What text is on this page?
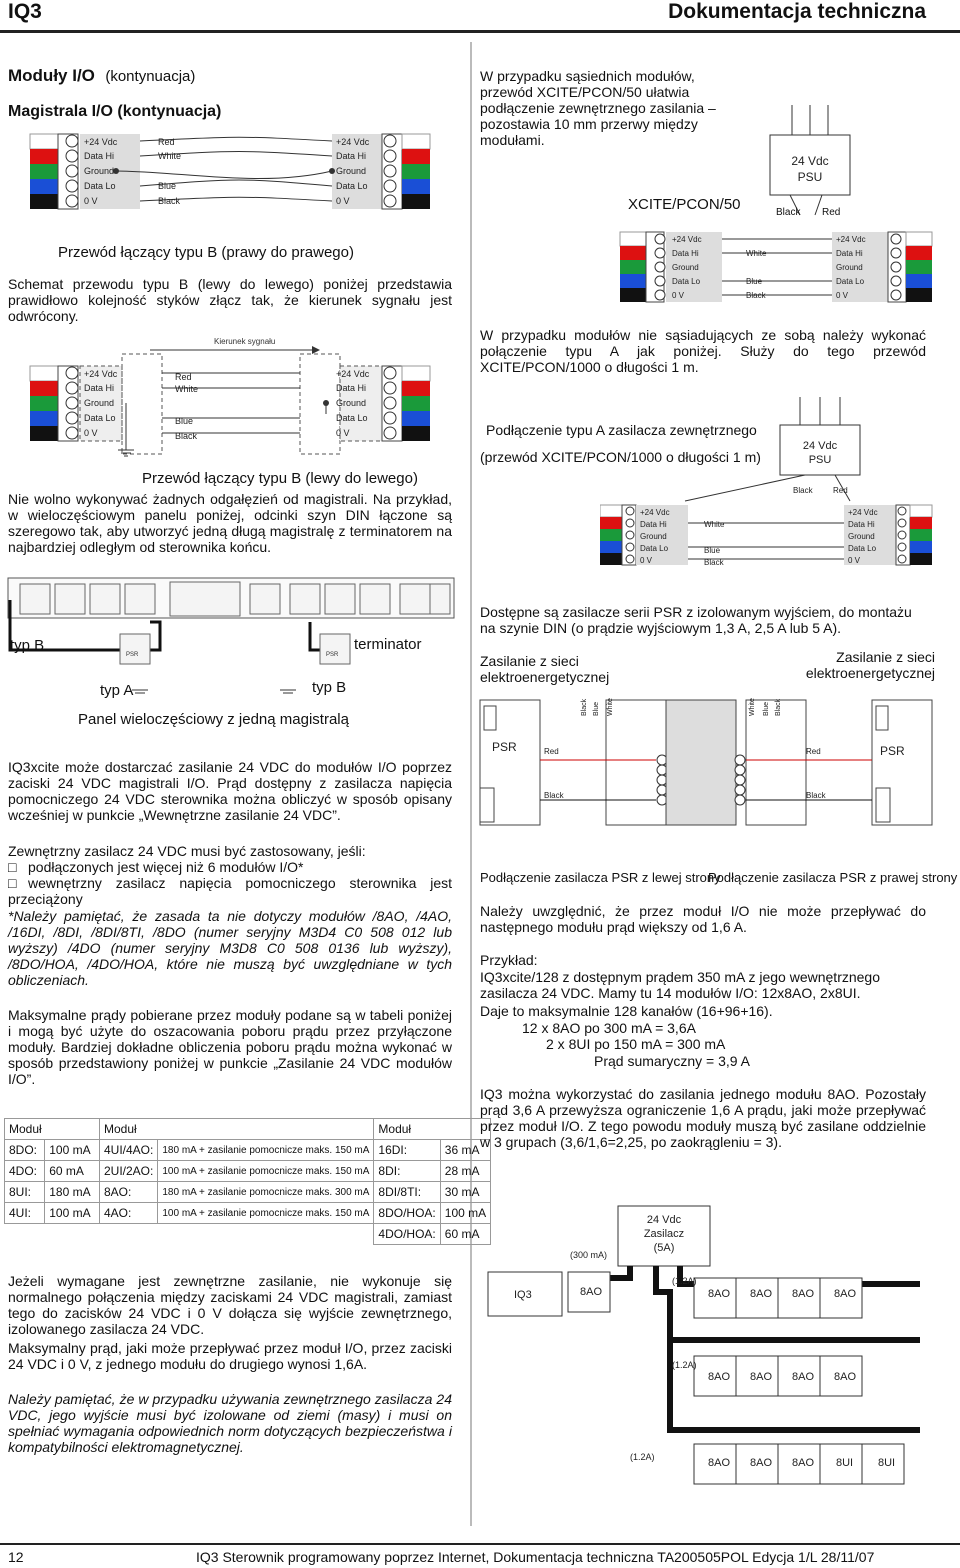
IQ3	Dokumentacja techniczna
Moduły I/O (kontynuacja)
Magistrala I/O (kontynuacja)
+24 Vdc
Data Hi
Ground
Data Lo
0 V
+24 Vdc
Data Hi
Ground
Data Lo
0 V
Red
White
Blue
Black
Przewód łączący typu B (prawy do prawego)

Schemat przewodu typu B (lewy do lewego) poniżej przedstawia prawidłowo kolejność styków złącz tak, że kierunek sygnału jest odwrócony.

Kierunek sygnału
+24 Vdc
Data Hi
Ground
Data Lo
0 V
+24 Vdc
Data Hi
Ground
Data Lo
0 V
Red
White
Blue
Black
Przewód łączący typu B (lewy do lewego)

Nie wolno wykonywać żadnych odgałęzień od magistrali. Na przykład, w wieloczęściowym panelu poniżej, odcinki szyn DIN łączone są szeregowo tak, aby utworzyć jedną długą magistralę z terminatorem na najbardziej odległym od sterownika końcu.

PSR	PSR
typ B
typ A	typ B
terminator
Panel wieloczęściowy z jedną magistralą

IQ3xcite może dostarczać zasilanie 24 VDC do modułów I/O poprzez zaciski 24 VDC magistrali I/O. Prąd dostępny z zasilacza napięcia pomocniczego 24 VDC sterownika można obliczyć w sposób opisany wcześniej w punkcie „Wewnętrzne zasilanie 24 VDC”.

Zewnętrzny zasilacz 24 VDC musi być zastosowany, jeśli:

□ podłączonych jest więcej niż 6 modułów I/O*
□ wewnętrzny zasilacz napięcia pomocniczego sterownika jest przeciążony

*Należy pamiętać, że zasada ta nie dotyczy modułów /8AO, /4AO, /16DI, /8DI, /8DI/8TI, /8DO (numer seryjny M3D4 C0 508 012 lub wyższy) /4DO (numer seryjny M3D8 C0 508 0136 lub wyższy), /8DO/HOA, /4DO/HOA, które nie muszą być uwzględniane w tych obliczeniach.

Maksymalne prądy pobierane przez moduły podane są w tabeli poniżej i mogą być użyte do oszacowania poboru prądu przez przyłączone moduły. Bardziej dokładne obliczenia poboru prądu można wykonać w sposób przedstawiony poniżej w punkcie „Zasilanie 24 VDC modułów I/O”.

Moduł		Moduł		Moduł	
8DO:	100 mA	4UI/4AO:	180 mA + zasilanie pomocnicze maks. 150 mA	16DI:	36 mA
4DO:	60 mA	2UI/2AO:	100 mA + zasilanie pomocnicze maks. 150 mA	8DI:	28 mA
8UI:	180 mA	8AO:	180 mA + zasilanie pomocnicze maks. 300 mA	8DI/8TI:	30 mA
4UI:	100 mA	4AO:	100 mA + zasilanie pomocnicze maks. 150 mA	8DO/HOA:	100 mA
				4DO/HOA:	60 mA

Jeżeli wymagane jest zewnętrzne zasilanie, nie wykonuje się normalnego połączenia między zaciskami 24 VDC magistrali, zamiast tego do zacisków 24 VDC i 0 V dołącza się wyjście zewnętrznego, izolowanego zasilacza 24 VDC.

Maksymalny prąd, jaki może przepływać przez moduł I/O, przez zaciski 24 VDC i 0 V, z jednego modułu do drugiego wynosi 1,6A.

Należy pamiętać, że w przypadku używania zewnętrznego zasilacza 24 VDC, jego wyjście musi być izolowane od ziemi (masy) i musi on spełniać wymagania odpowiednich norm dotyczących bezpieczeństwa i kompatybilności elektromagnetycznej.

W przypadku sąsiednich modułów, przewód XCITE/PCON/50 ułatwia podłączenie zewnętrznego zasilania – pozostawia 10 mm przerwy między modułami.

24 Vdc
PSU
XCITE/PCON/50	Black Red
+24 Vdc
Data Hi
Ground
Data Lo
0 V
+24 Vdc
Data Hi
Ground
Data Lo
0 V
White
Blue
Black

W przypadku modułów nie sąsiadujących ze sobą należy wykonać połączenie typu A jak poniżej. Służy do tego przewód XCITE/PCON/1000 o długości 1 m.

Podłączenie typu A zasilacza zewnętrznego
(przewód XCITE/PCON/1000 o długości 1 m)
24 Vdc
PSU
Black	Red
+24 Vdc
Data Hi
Ground
Data Lo
0 V
+24 Vdc
Data Hi
Ground
Data Lo
0 V
White
Blue
Black

Dostępne są zasilacze serii PSR z izolowanym wyjściem, do montażu na szynie DIN (o prądzie wyjściowym 1,3 A, 2,5 A lub 5 A).

Zasilanie z sieci elektroenergetycznej
Zasilanie z sieci elektroenergetycznej
PSR	PSR
Red
Black
Red
Black
Black Blue White	White Blue Black
Podłączenie zasilacza PSR z lewej strony
Podłączenie zasilacza PSR z prawej strony

Należy uwzględnić, że przez moduł I/O nie może przepływać do następnego modułu prąd większy od 1,6 A.

Przykład:

IQ3xcite/128 z dostępnym prądem 350 mA z jego wewnętrznego zasilacza 24 VDC. Mamy tu 14 modułów I/O: 12x8AO, 2x8UI.

Daje to maksymalnie 128 kanałów (16+96+16).

12 x 8AO po 300 mA = 3,6A

2 x 8UI po 150 mA = 300 mA

Prąd sumaryczny = 3,9 A

IQ3 można wykorzystać do zasilania jednego modułu 8AO. Pozostały prąd 3,6 A przewyższa ograniczenie 1,6 A prądu, jaki może przepływać przez moduł I/O. Z tego powodu moduły muszą być zasilane oddzielnie w 3 grupach (3,6/1,6=2,25, po zaokrągleniu = 3).

24 Vdc
Zasilacz
(5A)
(300 mA)
IQ3	8AO	8AO 8AO 8AO 8AO
8AO 8AO 8AO 8AO
8AO 8AO 8AO 8UI 8UI
(1.2A)
(1.2A)
(1.2A)
12	IQ3 Sterownik programowany poprzez Internet, Dokumentacja techniczna TA200505POL Edycja 1/L 28/11/07
